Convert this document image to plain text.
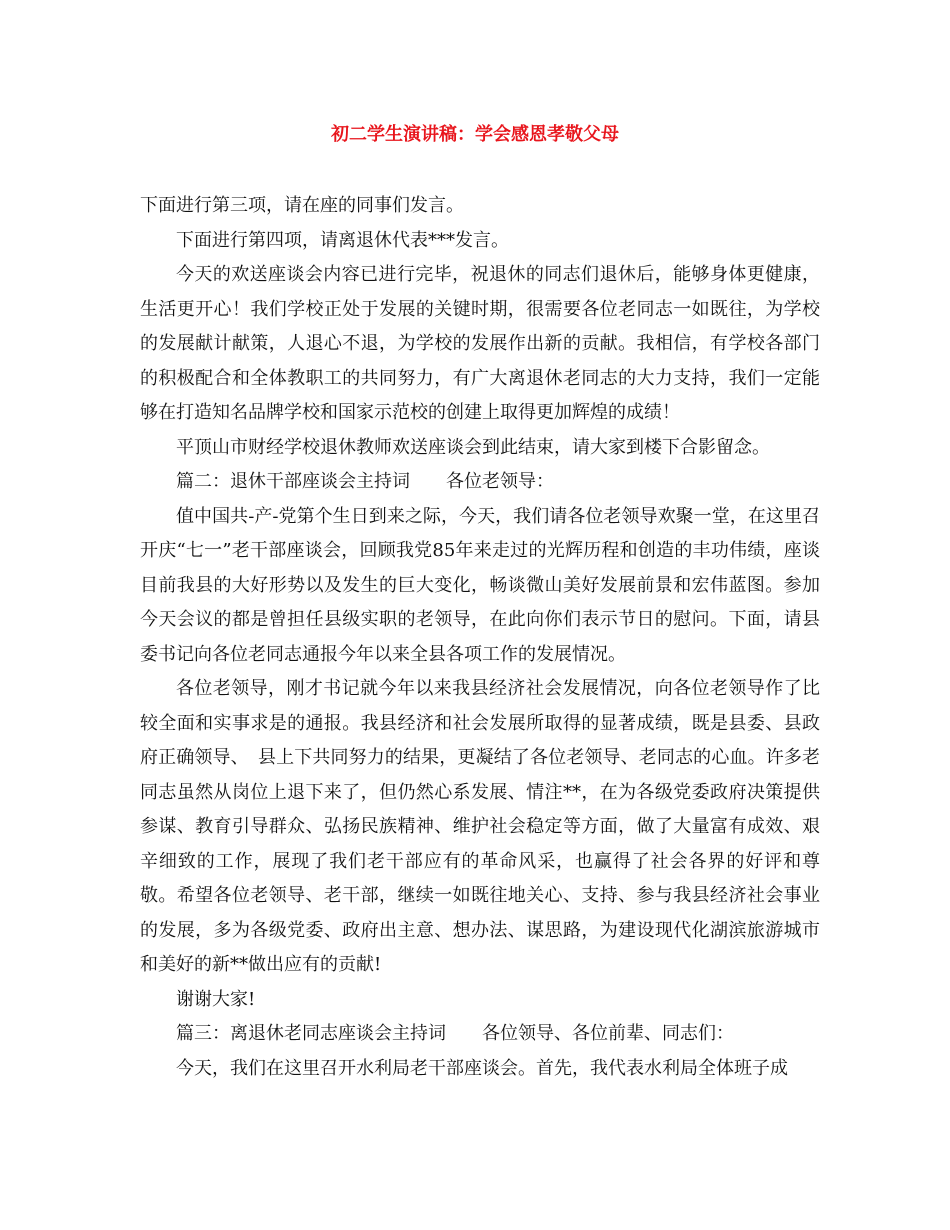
初二学生演讲稿：学会感恩孝敬父母

下面进行第三项，请在座的同事们发言。

下面进行第四项，请离退休代表***发言。

今天的欢送座谈会内容已进行完毕，祝退休的同志们退休后，能够身体更健康，生活更开心！我们学校正处于发展的关键时期，很需要各位老同志一如既往，为学校的发展献计献策，人退心不退，为学校的发展作出新的贡献。我相信，有学校各部门的积极配合和全体教职工的共同努力，有广大离退休老同志的大力支持，我们一定能够在打造知名品牌学校和国家示范校的创建上取得更加辉煌的成绩！

平顶山市财经学校退休教师欢送座谈会到此结束，请大家到楼下合影留念。

篇二：退休干部座谈会主持词　　各位老领导：

值中国共-产-党第个生日到来之际，今天，我们请各位老领导欢聚一堂，在这里召开庆“七一”老干部座谈会，回顾我党85年来走过的光辉历程和创造的丰功伟绩，座谈目前我县的大好形势以及发生的巨大变化，畅谈微山美好发展前景和宏伟蓝图。参加今天会议的都是曾担任县级实职的老领导，在此向你们表示节日的慰问。下面，请县委书记向各位老同志通报今年以来全县各项工作的发展情况。

各位老领导，刚才书记就今年以来我县经济社会发展情况，向各位老领导作了比较全面和实事求是的通报。我县经济和社会发展所取得的显著成绩，既是县委、县政府正确领导、　县上下共同努力的结果，更凝结了各位老领导、老同志的心血。许多老同志虽然从岗位上退下来了，但仍然心系发展、情注**，在为各级党委政府决策提供参谋、教育引导群众、弘扬民族精神、维护社会稳定等方面，做了大量富有成效、艰辛细致的工作，展现了我们老干部应有的革命风采，也赢得了社会各界的好评和尊敬。希望各位老领导、老干部，继续一如既往地关心、支持、参与我县经济社会事业的发展，多为各级党委、政府出主意、想办法、谋思路，为建设现代化湖滨旅游城市和美好的新**做出应有的贡献!

谢谢大家!

篇三：离退休老同志座谈会主持词　　各位领导、各位前辈、同志们：

今天，我们在这里召开水利局老干部座谈会。首先，我代表水利局全体班子成
